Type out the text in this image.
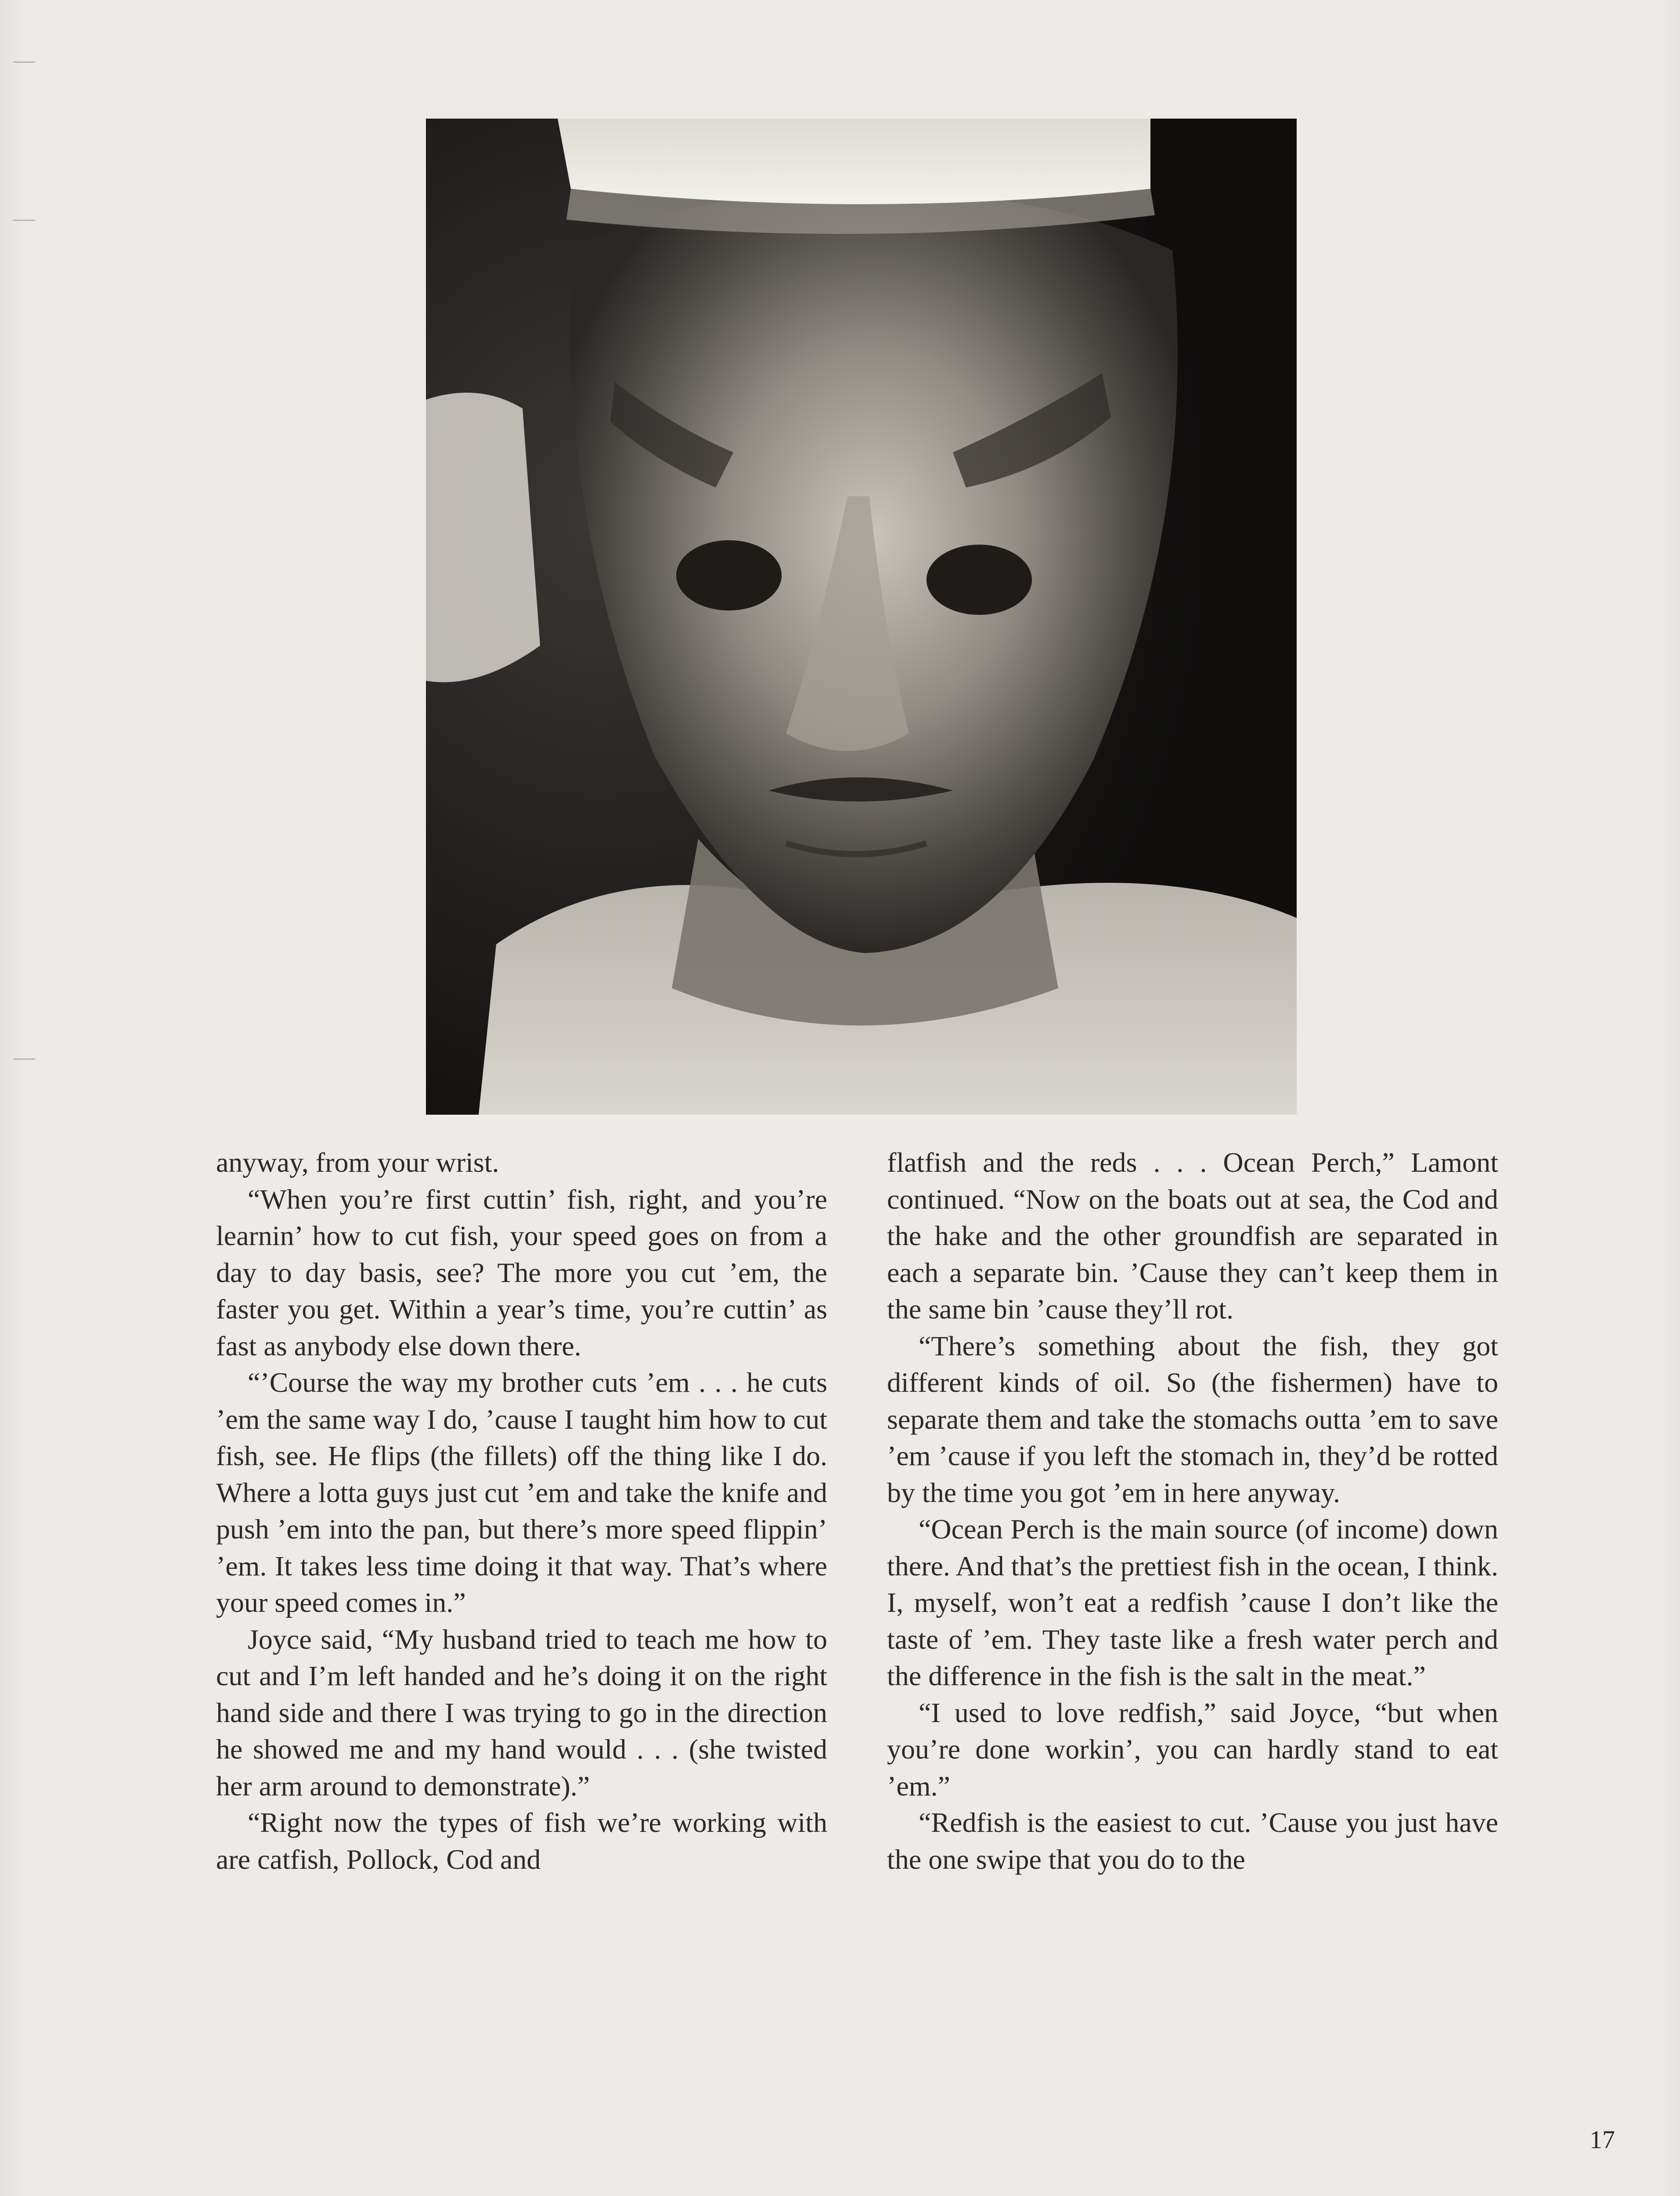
anyway, from your wrist.

“When you’re first cuttin’ fish, right, and you’re learnin’ how to cut fish, your speed goes on from a day to day basis, see? The more you cut ’em, the faster you get. Within a year’s time, you’re cuttin’ as fast as anybody else down there.

“’Course the way my brother cuts ’em . . . he cuts ’em the same way I do, ’cause I taught him how to cut fish, see. He flips (the fillets) off the thing like I do. Where a lotta guys just cut ’em and take the knife and push ’em into the pan, but there’s more speed flippin’ ’em. It takes less time doing it that way. That’s where your speed comes in.”

Joyce said, “My husband tried to teach me how to cut and I’m left handed and he’s doing it on the right hand side and there I was trying to go in the direction he showed me and my hand would . . . (she twisted her arm around to demonstrate).”

“Right now the types of fish we’re working with are catfish, Pollock, Cod and

flatfish and the reds . . . Ocean Perch,” Lamont continued. “Now on the boats out at sea, the Cod and the hake and the other groundfish are separated in each a separate bin. ’Cause they can’t keep them in the same bin ’cause they’ll rot.

“There’s something about the fish, they got different kinds of oil. So (the fishermen) have to separate them and take the stomachs outta ’em to save ’em ’cause if you left the stomach in, they’d be rotted by the time you got ’em in here anyway.

“Ocean Perch is the main source (of income) down there. And that’s the prettiest fish in the ocean, I think. I, myself, won’t eat a redfish ’cause I don’t like the taste of ’em. They taste like a fresh water perch and the difference in the fish is the salt in the meat.”

“I used to love redfish,” said Joyce, “but when you’re done workin’, you can hardly stand to eat ’em.”

“Redfish is the easiest to cut. ’Cause you just have the one swipe that you do to the

17
